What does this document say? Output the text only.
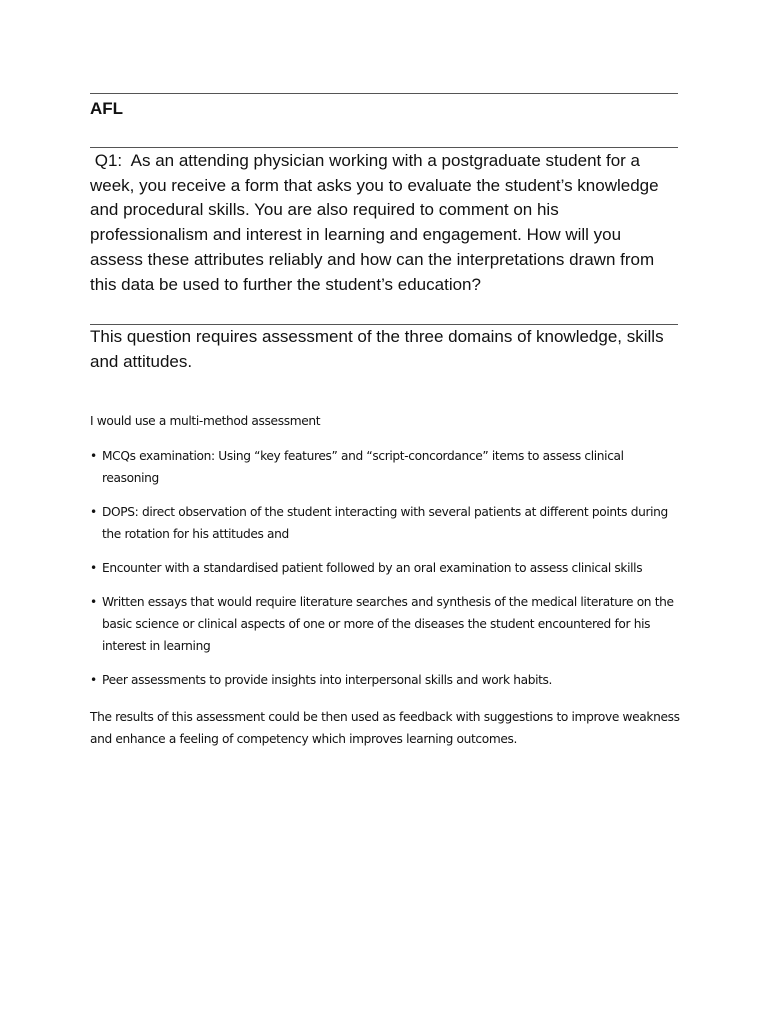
AFL

Q1:  As an attending physician working with a postgraduate student for a week, you receive a form that asks you to evaluate the student’s knowledge and procedural skills. You are also required to comment on his professionalism and interest in learning and engagement. How will you assess these attributes reliably and how can the interpretations drawn from this data be used to further the student’s education?

This question requires assessment of the three domains of knowledge, skills and attitudes.

I would use a multi-method assessment

• MCQs examination: Using “key features” and “script-concordance” items to assess clinical reasoning
• DOPS: direct observation of the student interacting with several patients at different points during the rotation for his attitudes and
• Encounter with a standardised patient followed by an oral examination to assess clinical skills
• Written essays that would require literature searches and synthesis of the medical literature on the basic science or clinical aspects of one or more of the diseases the student encountered for his interest in learning
• Peer assessments to provide insights into interpersonal skills and work habits.

The results of this assessment could be then used as feedback with suggestions to improve weakness and enhance a feeling of competency which improves learning outcomes.
